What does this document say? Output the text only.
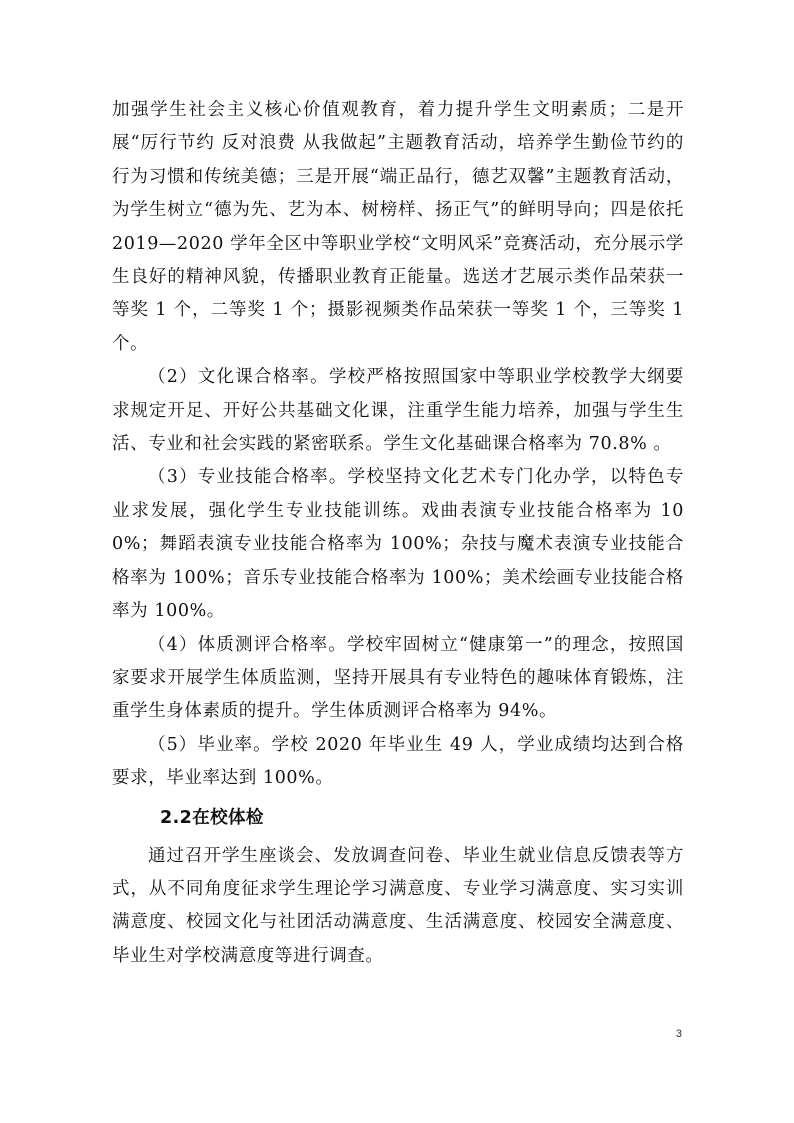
加强学生社会主义核心价值观教育，着力提升学生文明素质；二是开展“厉行节约 反对浪费 从我做起”主题教育活动，培养学生勤俭节约的行为习惯和传统美德；三是开展“端正品行，德艺双馨”主题教育活动，为学生树立“德为先、艺为本、树榜样、扬正气”的鲜明导向；四是依托 2019—2020 学年全区中等职业学校“文明风采”竞赛活动，充分展示学生良好的精神风貌，传播职业教育正能量。选送才艺展示类作品荣获一等奖 1 个，二等奖 1 个；摄影视频类作品荣获一等奖 1 个，三等奖 1 个。

（2）文化课合格率。学校严格按照国家中等职业学校教学大纲要求规定开足、开好公共基础文化课，注重学生能力培养，加强与学生生活、专业和社会实践的紧密联系。学生文化基础课合格率为 70.8% 。

（3）专业技能合格率。学校坚持文化艺术专门化办学，以特色专业求发展，强化学生专业技能训练。戏曲表演专业技能合格率为 100%；舞蹈表演专业技能合格率为 100%；杂技与魔术表演专业技能合格率为 100%；音乐专业技能合格率为 100%；美术绘画专业技能合格率为 100%。

（4）体质测评合格率。学校牢固树立“健康第一”的理念，按照国家要求开展学生体质监测，坚持开展具有专业特色的趣味体育锻炼，注重学生身体素质的提升。学生体质测评合格率为 94%。

（5）毕业率。学校 2020 年毕业生 49 人，学业成绩均达到合格要求，毕业率达到 100%。

2.2在校体检

通过召开学生座谈会、发放调查问卷、毕业生就业信息反馈表等方式，从不同角度征求学生理论学习满意度、专业学习满意度、实习实训满意度、校园文化与社团活动满意度、生活满意度、校园安全满意度、毕业生对学校满意度等进行调查。

3
